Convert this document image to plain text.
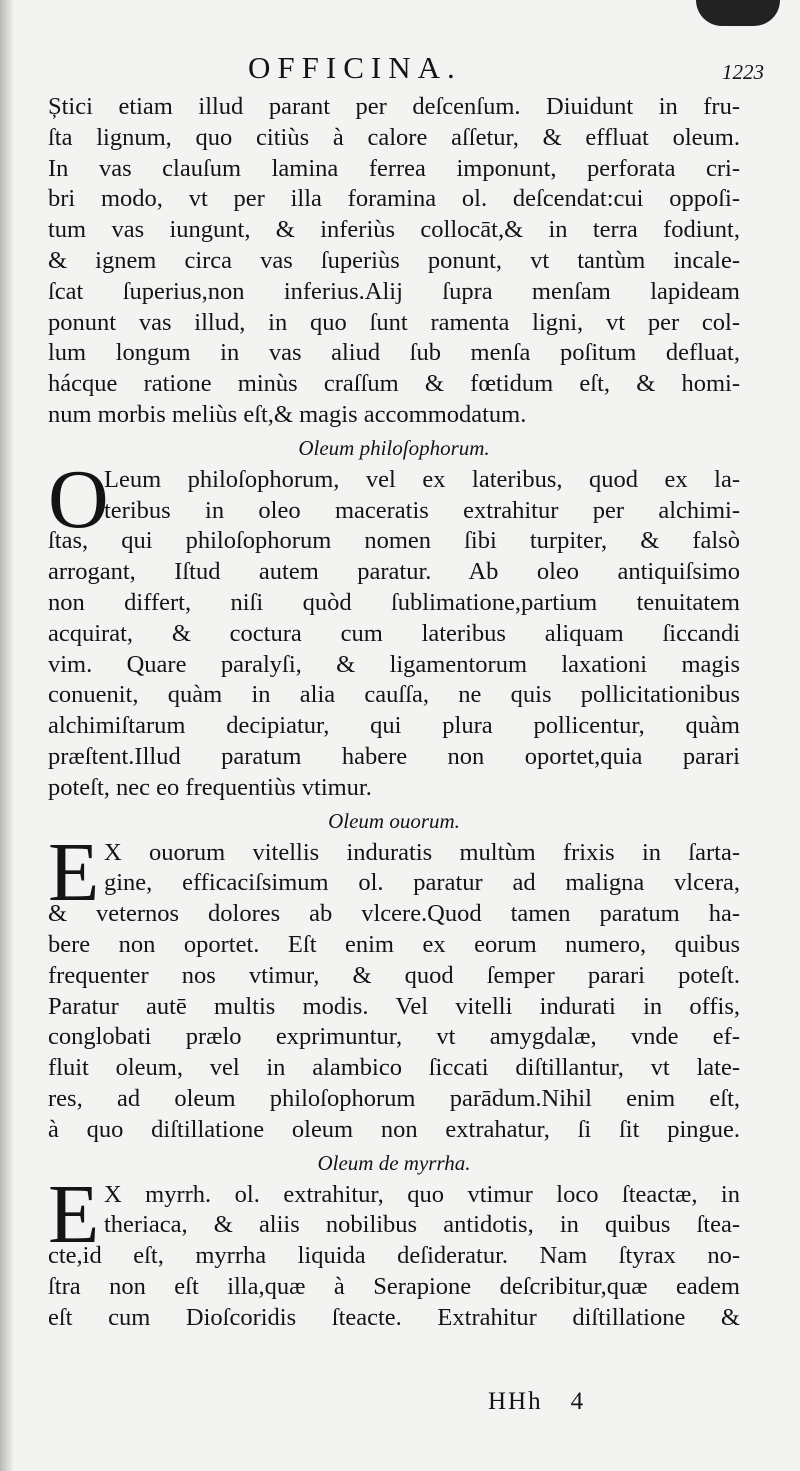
OFFICINA.	1223
Știci etiam illud parant per deſcenſum. Diuidunt in fru-
ſta lignum, quo citiùs à calore aſſetur, & effluat oleum.
In vas clauſum lamina ferrea imponunt, perforata cri-
bri modo, vt per illa foramina ol. deſcendat:cui oppoſi-
tum vas iungunt, & inferiùs collocāt,& in terra fodiunt,
& ignem circa vas ſuperiùs ponunt, vt tantùm incale-
ſcat ſuperius,non inferius.Alij ſupra menſam lapideam
ponunt vas illud, in quo ſunt ramenta ligni, vt per col-
lum longum in vas aliud ſub menſa poſitum defluat,
hácque ratione minùs craſſum & fœtidum eſt, & homi-
num morbis meliùs eſt,& magis accommodatum.
Oleum philoſophorum.
O
Leum philoſophorum, vel ex lateribus, quod ex la-
teribus in oleo maceratis extrahitur per alchimi-
ſtas, qui philoſophorum nomen ſibi turpiter, & falsò
arrogant, Iſtud autem paratur. Ab oleo antiquiſsimo
non differt, niſi quòd ſublimatione,partium tenuitatem
acquirat, & coctura cum lateribus aliquam ſiccandi
vim. Quare paralyſi, & ligamentorum laxationi magis
conuenit, quàm in alia cauſſa, ne quis pollicitationibus
alchimiſtarum decipiatur, qui plura pollicentur, quàm
præſtent.Illud paratum habere non oportet,quia parari
poteſt, nec eo frequentiùs vtimur.
Oleum ouorum.
E X ouorum vitellis induratis multùm frixis in ſarta-
gine, efficaciſsimum ol. paratur ad maligna vlcera,
& veternos dolores ab vlcere.Quod tamen paratum ha-
bere non oportet. Eſt enim ex eorum numero, quibus
frequenter nos vtimur, & quod ſemper parari poteſt.
Paratur autē multis modis. Vel vitelli indurati in offis,
conglobati prælo exprimuntur, vt amygdalæ, vnde ef-
fluit oleum, vel in alambico ſiccati diſtillantur, vt late-
res, ad oleum philoſophorum parādum.Nihil enim eſt,
à quo diſtillatione oleum non extrahatur, ſi ſit pingue.
Oleum de myrrha.
E X myrrh. ol. extrahitur, quo vtimur loco ſteactæ, in
theriaca, & aliis nobilibus antidotis, in quibus ſtea-
cte,id eſt, myrrha liquida deſideratur. Nam ſtyrax no-
ſtra non eſt illa,quæ à Serapione deſcribitur,quæ eadem
eſt cum Dioſcoridis ſteacte. Extrahitur diſtillatione &
HHh 4
